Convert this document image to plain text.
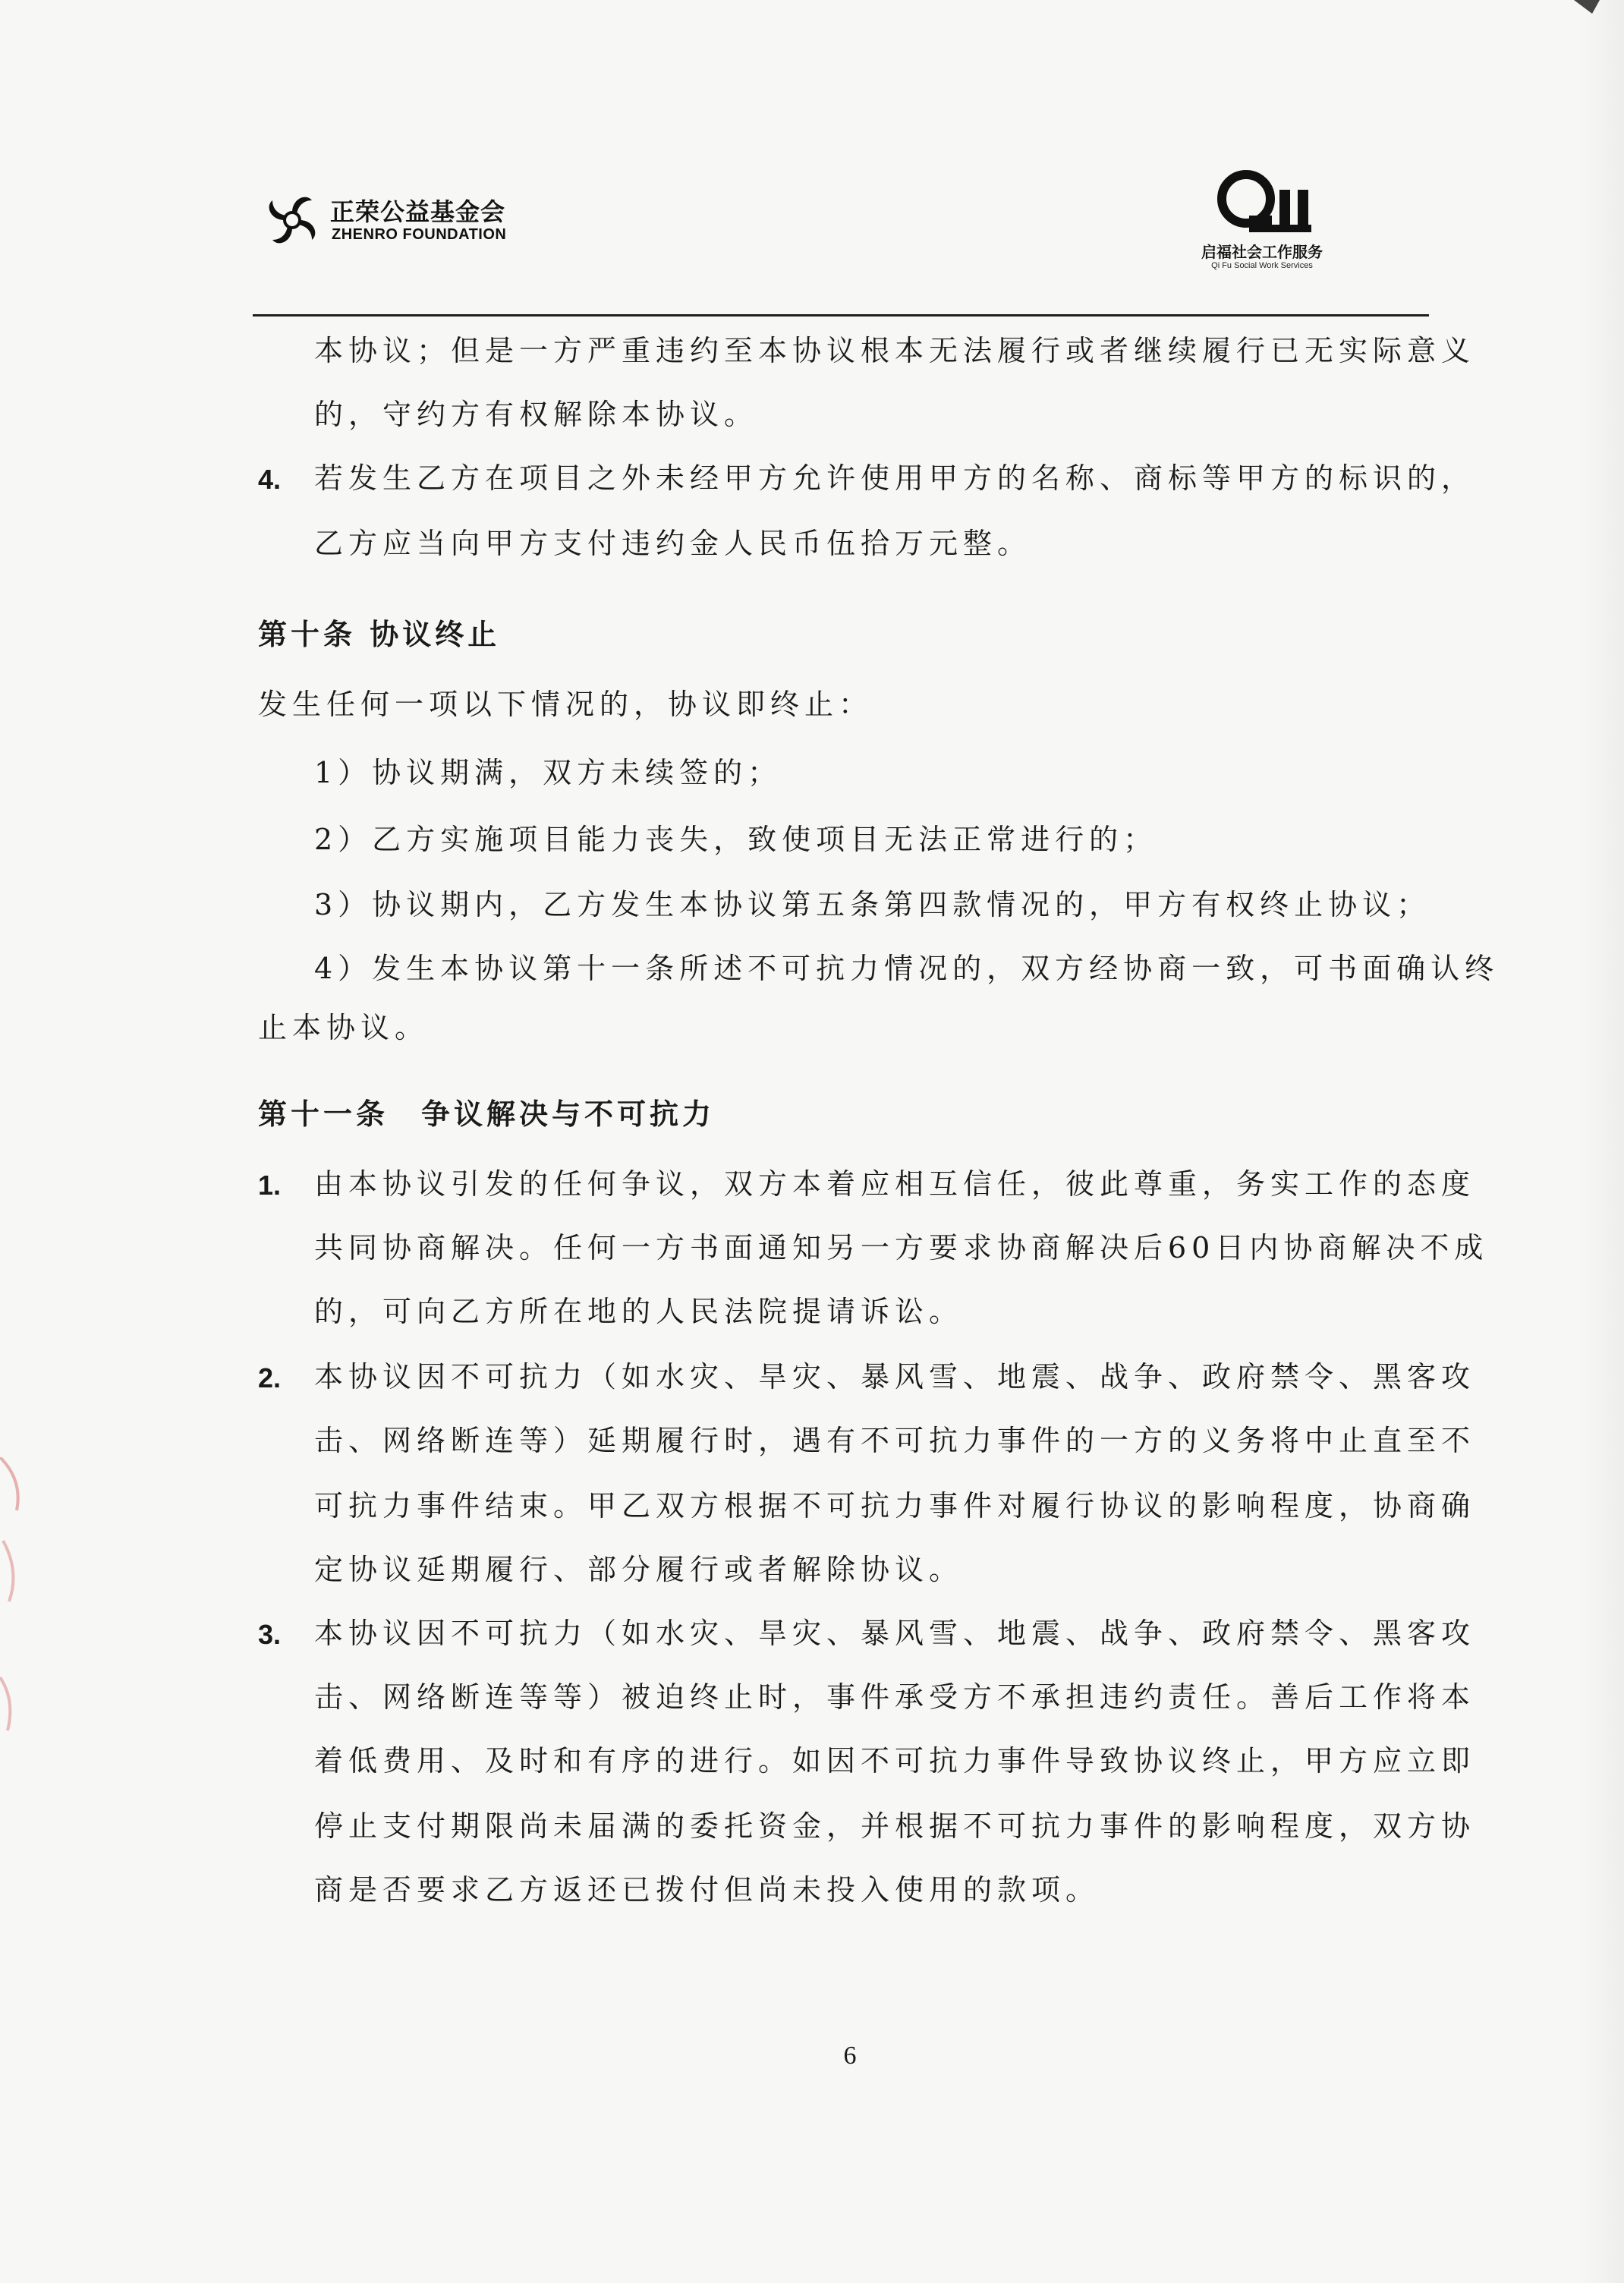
正荣公益基金会
ZHENRO FOUNDATION
启福社会工作服务
Qi Fu Social Work Services
本协议；但是一方严重违约至本协议根本无法履行或者继续履行已无实际意义
的，守约方有权解除本协议。
4. 若发生乙方在项目之外未经甲方允许使用甲方的名称、商标等甲方的标识的，
乙方应当向甲方支付违约金人民币伍拾万元整。
第十条 协议终止
发生任何一项以下情况的，协议即终止：
1）协议期满，双方未续签的；
2）乙方实施项目能力丧失，致使项目无法正常进行的；
3）协议期内，乙方发生本协议第五条第四款情况的，甲方有权终止协议；
4）发生本协议第十一条所述不可抗力情况的，双方经协商一致，可书面确认终
止本协议。
第十一条　争议解决与不可抗力
1. 由本协议引发的任何争议，双方本着应相互信任，彼此尊重，务实工作的态度
共同协商解决。任何一方书面通知另一方要求协商解决后60日内协商解决不成
的，可向乙方所在地的人民法院提请诉讼。
2. 本协议因不可抗力（如水灾、旱灾、暴风雪、地震、战争、政府禁令、黑客攻
击、网络断连等）延期履行时，遇有不可抗力事件的一方的义务将中止直至不
可抗力事件结束。甲乙双方根据不可抗力事件对履行协议的影响程度，协商确
定协议延期履行、部分履行或者解除协议。
3. 本协议因不可抗力（如水灾、旱灾、暴风雪、地震、战争、政府禁令、黑客攻
击、网络断连等等）被迫终止时，事件承受方不承担违约责任。善后工作将本
着低费用、及时和有序的进行。如因不可抗力事件导致协议终止，甲方应立即
停止支付期限尚未届满的委托资金，并根据不可抗力事件的影响程度，双方协
商是否要求乙方返还已拨付但尚未投入使用的款项。
6
